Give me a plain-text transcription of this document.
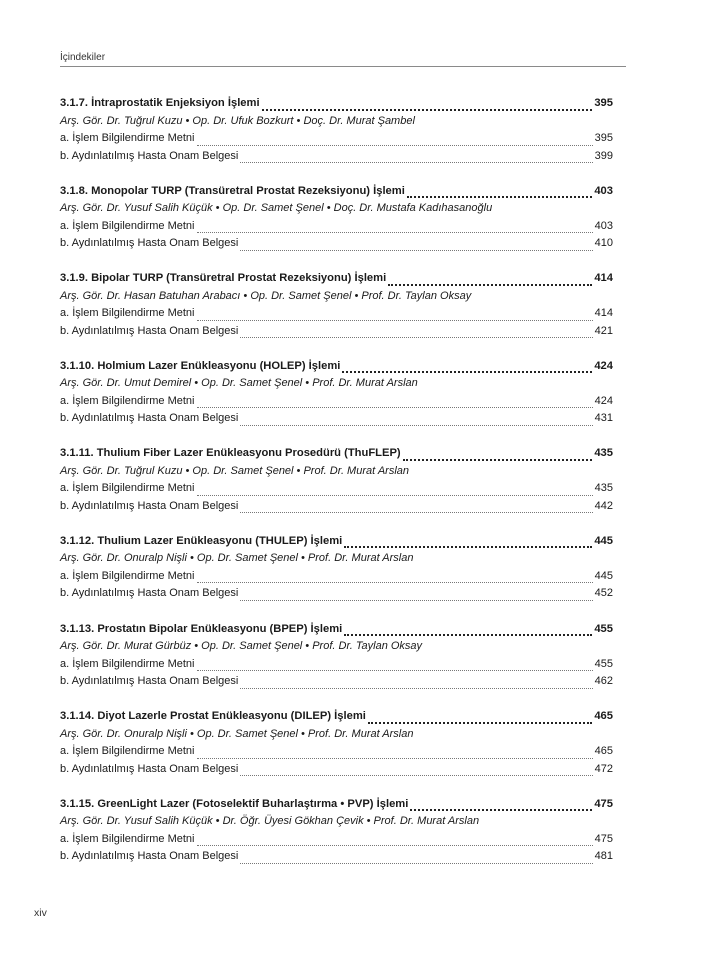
İçindekiler
3.1.7. İntraprostatik Enjeksiyon İşlemi	395
Arş. Gör. Dr. Tuğrul Kuzu • Op. Dr. Ufuk Bozkurt • Doç. Dr. Murat Şambel
a. İşlem Bilgilendirme Metni	395
b. Aydınlatılmış Hasta Onam Belgesi	399
3.1.8. Monopolar TURP (Transüretral Prostat Rezeksiyonu) İşlemi	403
Arş. Gör. Dr. Yusuf Salih Küçük • Op. Dr. Samet Şenel • Doç. Dr. Mustafa Kadıhasanoğlu
a. İşlem Bilgilendirme Metni	403
b. Aydınlatılmış Hasta Onam Belgesi	410
3.1.9. Bipolar TURP (Transüretral Prostat Rezeksiyonu) İşlemi	414
Arş. Gör. Dr. Hasan Batuhan Arabacı • Op. Dr. Samet Şenel • Prof. Dr. Taylan Oksay
a. İşlem Bilgilendirme Metni	414
b. Aydınlatılmış Hasta Onam Belgesi	421
3.1.10. Holmium Lazer Enükleasyonu (HOLEP) İşlemi	424
Arş. Gör. Dr. Umut Demirel • Op. Dr. Samet Şenel • Prof. Dr. Murat Arslan
a. İşlem Bilgilendirme Metni	424
b. Aydınlatılmış Hasta Onam Belgesi	431
3.1.11. Thulium Fiber Lazer Enükleasyonu Prosedürü (ThuFLEP)	435
Arş. Gör. Dr. Tuğrul Kuzu • Op. Dr. Samet Şenel • Prof. Dr. Murat Arslan
a. İşlem Bilgilendirme Metni	435
b. Aydınlatılmış Hasta Onam Belgesi	442
3.1.12. Thulium Lazer Enükleasyonu (THULEP) İşlemi	445
Arş. Gör. Dr. Onuralp Nişli • Op. Dr. Samet Şenel • Prof. Dr. Murat Arslan
a. İşlem Bilgilendirme Metni	445
b. Aydınlatılmış Hasta Onam Belgesi	452
3.1.13. Prostatın Bipolar Enükleasyonu (BPEP) İşlemi	455
Arş. Gör. Dr. Murat Gürbüz • Op. Dr. Samet Şenel • Prof. Dr. Taylan Oksay
a. İşlem Bilgilendirme Metni	455
b. Aydınlatılmış Hasta Onam Belgesi	462
3.1.14. Diyot Lazerle Prostat Enükleasyonu (DILEP) İşlemi	465
Arş. Gör. Dr. Onuralp Nişli • Op. Dr. Samet Şenel • Prof. Dr. Murat Arslan
a. İşlem Bilgilendirme Metni	465
b. Aydınlatılmış Hasta Onam Belgesi	472
3.1.15. GreenLight Lazer (Fotoselektif Buharlaştırma • PVP) İşlemi	475
Arş. Gör. Dr. Yusuf Salih Küçük • Dr. Öğr. Üyesi Gökhan Çevik • Prof. Dr. Murat Arslan
a. İşlem Bilgilendirme Metni	475
b. Aydınlatılmış Hasta Onam Belgesi	481
xiv
